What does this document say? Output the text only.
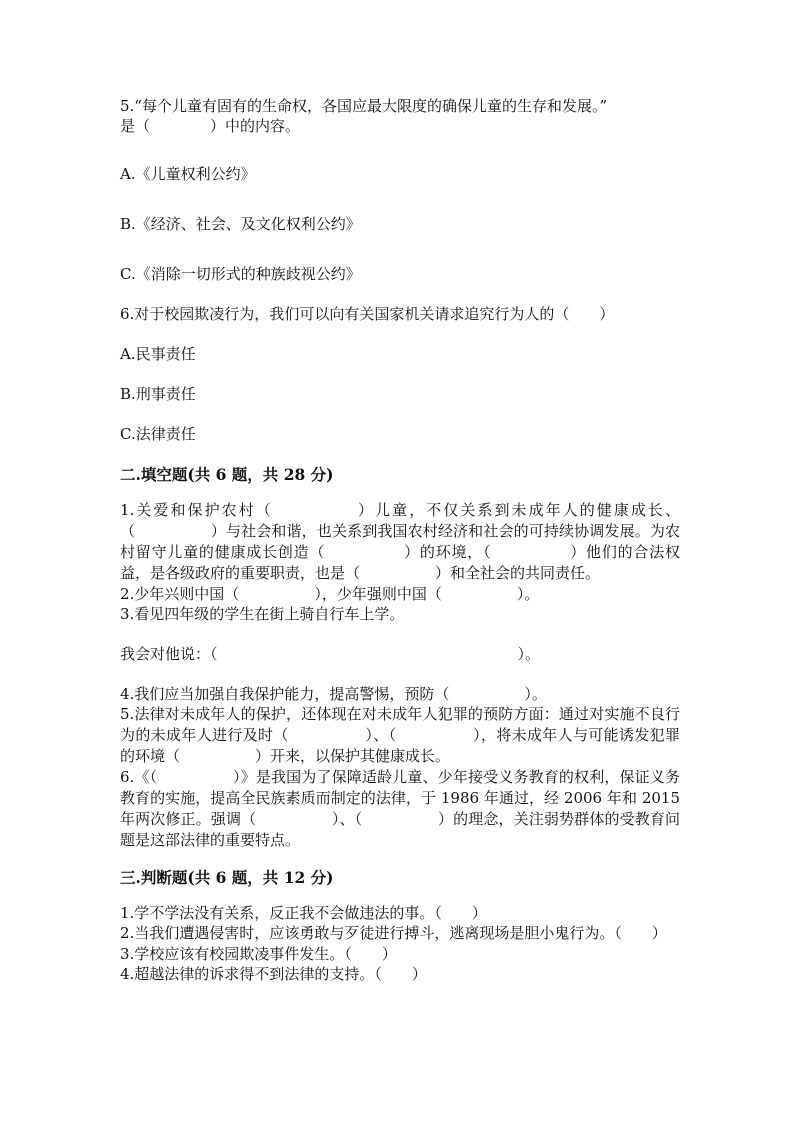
5.“每个儿童有固有的生命权，各国应最大限度的确保儿童的生存和发展。”
是（　　　　）中的内容。
A.《儿童权利公约》
B.《经济、社会、及文化权利公约》
C.《消除一切形式的种族歧视公约》
6.对于校园欺凌行为，我们可以向有关国家机关请求追究行为人的（　　）
A.民事责任
B.刑事责任
C.法律责任
二.填空题(共 6 题，共 28 分)
1.关爱和保护农村（　　　　　）儿童，不仅关系到未成年人的健康成长、（　　　　　）与社会和谐，也关系到我国农村经济和社会的可持续协调发展。为农村留守儿童的健康成长创造（　　　　　）的环境，（　　　　　）他们的合法权益，是各级政府的重要职责，也是（　　　　　）和全社会的共同责任。
2.少年兴则中国（　　　　　），少年强则中国（　　　　　）。
3.看见四年级的学生在街上骑自行车上学。
我会对他说：（　　　　　　　　　　　　　　　　　　　　）。
4.我们应当加强自我保护能力，提高警惕，预防（　　　　　）。
5.法律对未成年人的保护，还体现在对未成年人犯罪的预防方面：通过对实施不良行为的未成年人进行及时（　　　　　）、（　　　　　），将未成年人与可能诱发犯罪的环境（　　　　　）开来，以保护其健康成长。
6.《（　　　　　）》是我国为了保障适龄儿童、少年接受义务教育的权利，保证义务教育的实施，提高全民族素质而制定的法律，于 1986 年通过，经 2006 年和 2015 年两次修正。强调（　　　　　）、（　　　　　）的理念，关注弱势群体的受教育问题是这部法律的重要特点。
三.判断题(共 6 题，共 12 分)
1.学不学法没有关系，反正我不会做违法的事。（　　）
2.当我们遭遇侵害时，应该勇敢与歹徒进行搏斗，逃离现场是胆小鬼行为。（　　）
3.学校应该有校园欺凌事件发生。（　　）
4.超越法律的诉求得不到法律的支持。（　　）
